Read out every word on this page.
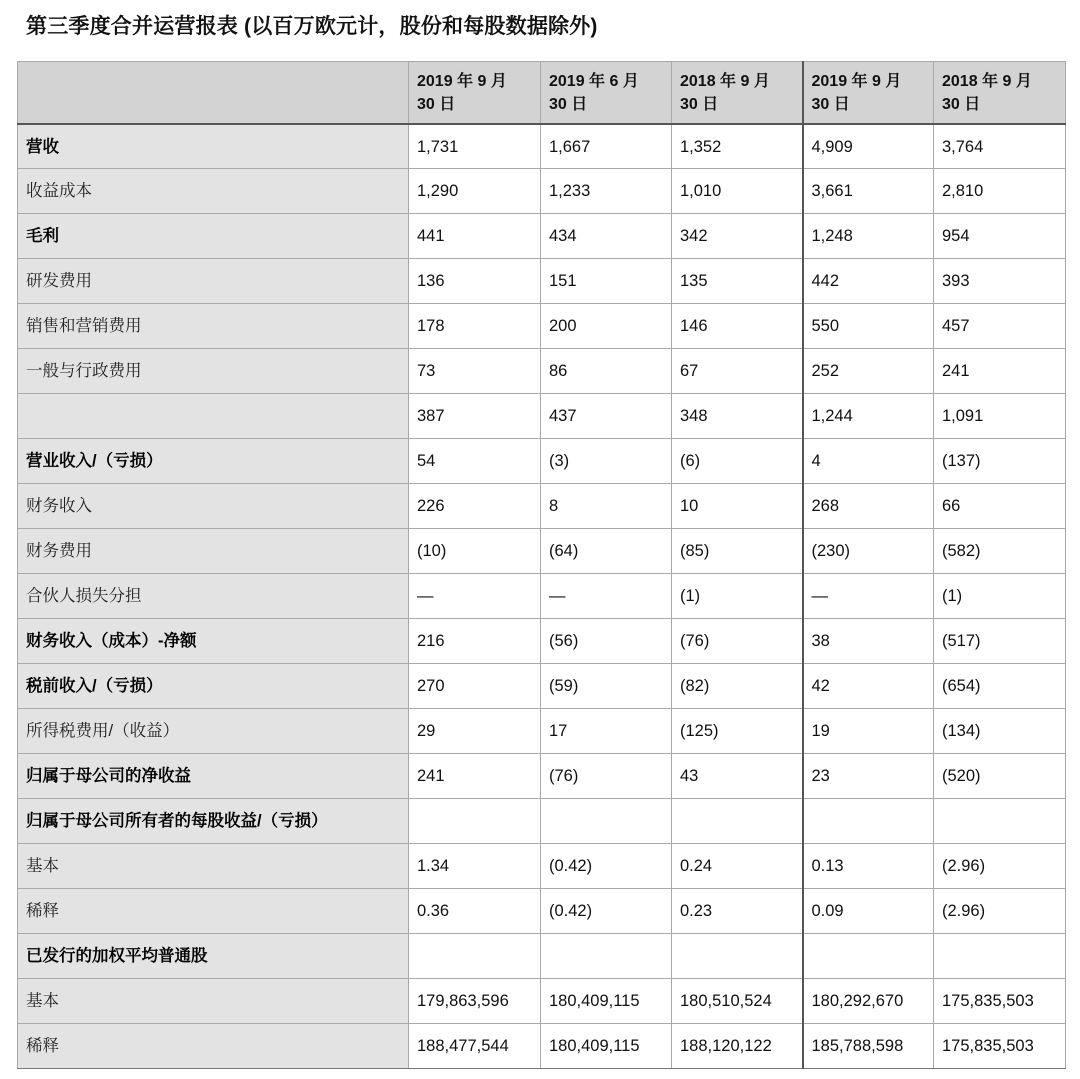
第三季度合并运营报表 (以百万欧元计，股份和每股数据除外)
	2019 年 9 月
30 日	2019 年 6 月
30 日	2018 年 9 月
30 日	2019 年 9 月
30 日	2018 年 9 月
30 日
营收	1,731	1,667	1,352	4,909	3,764
收益成本	1,290	1,233	1,010	3,661	2,810
毛利	441	434	342	1,248	954
研发费用	136	151	135	442	393
销售和营销费用	178	200	146	550	457
一般与行政费用	73	86	67	252	241
	387	437	348	1,244	1,091
营业收入/（亏损）	54	(3)	(6)	4	(137)
财务收入	226	8	10	268	66
财务费用	(10)	(64)	(85)	(230)	(582)
合伙人损失分担	—	—	(1)	—	(1)
财务收入（成本）-净额	216	(56)	(76)	38	(517)
税前收入/（亏损）	270	(59)	(82)	42	(654)
所得税费用/（收益）	29	17	(125)	19	(134)
归属于母公司的净收益	241	(76)	43	23	(520)
归属于母公司所有者的每股收益/（亏损）					
基本	1.34	(0.42)	0.24	0.13	(2.96)
稀释	0.36	(0.42)	0.23	0.09	(2.96)
已发行的加权平均普通股					
基本	179,863,596	180,409,115	180,510,524	180,292,670	175,835,503
稀释	188,477,544	180,409,115	188,120,122	185,788,598	175,835,503
